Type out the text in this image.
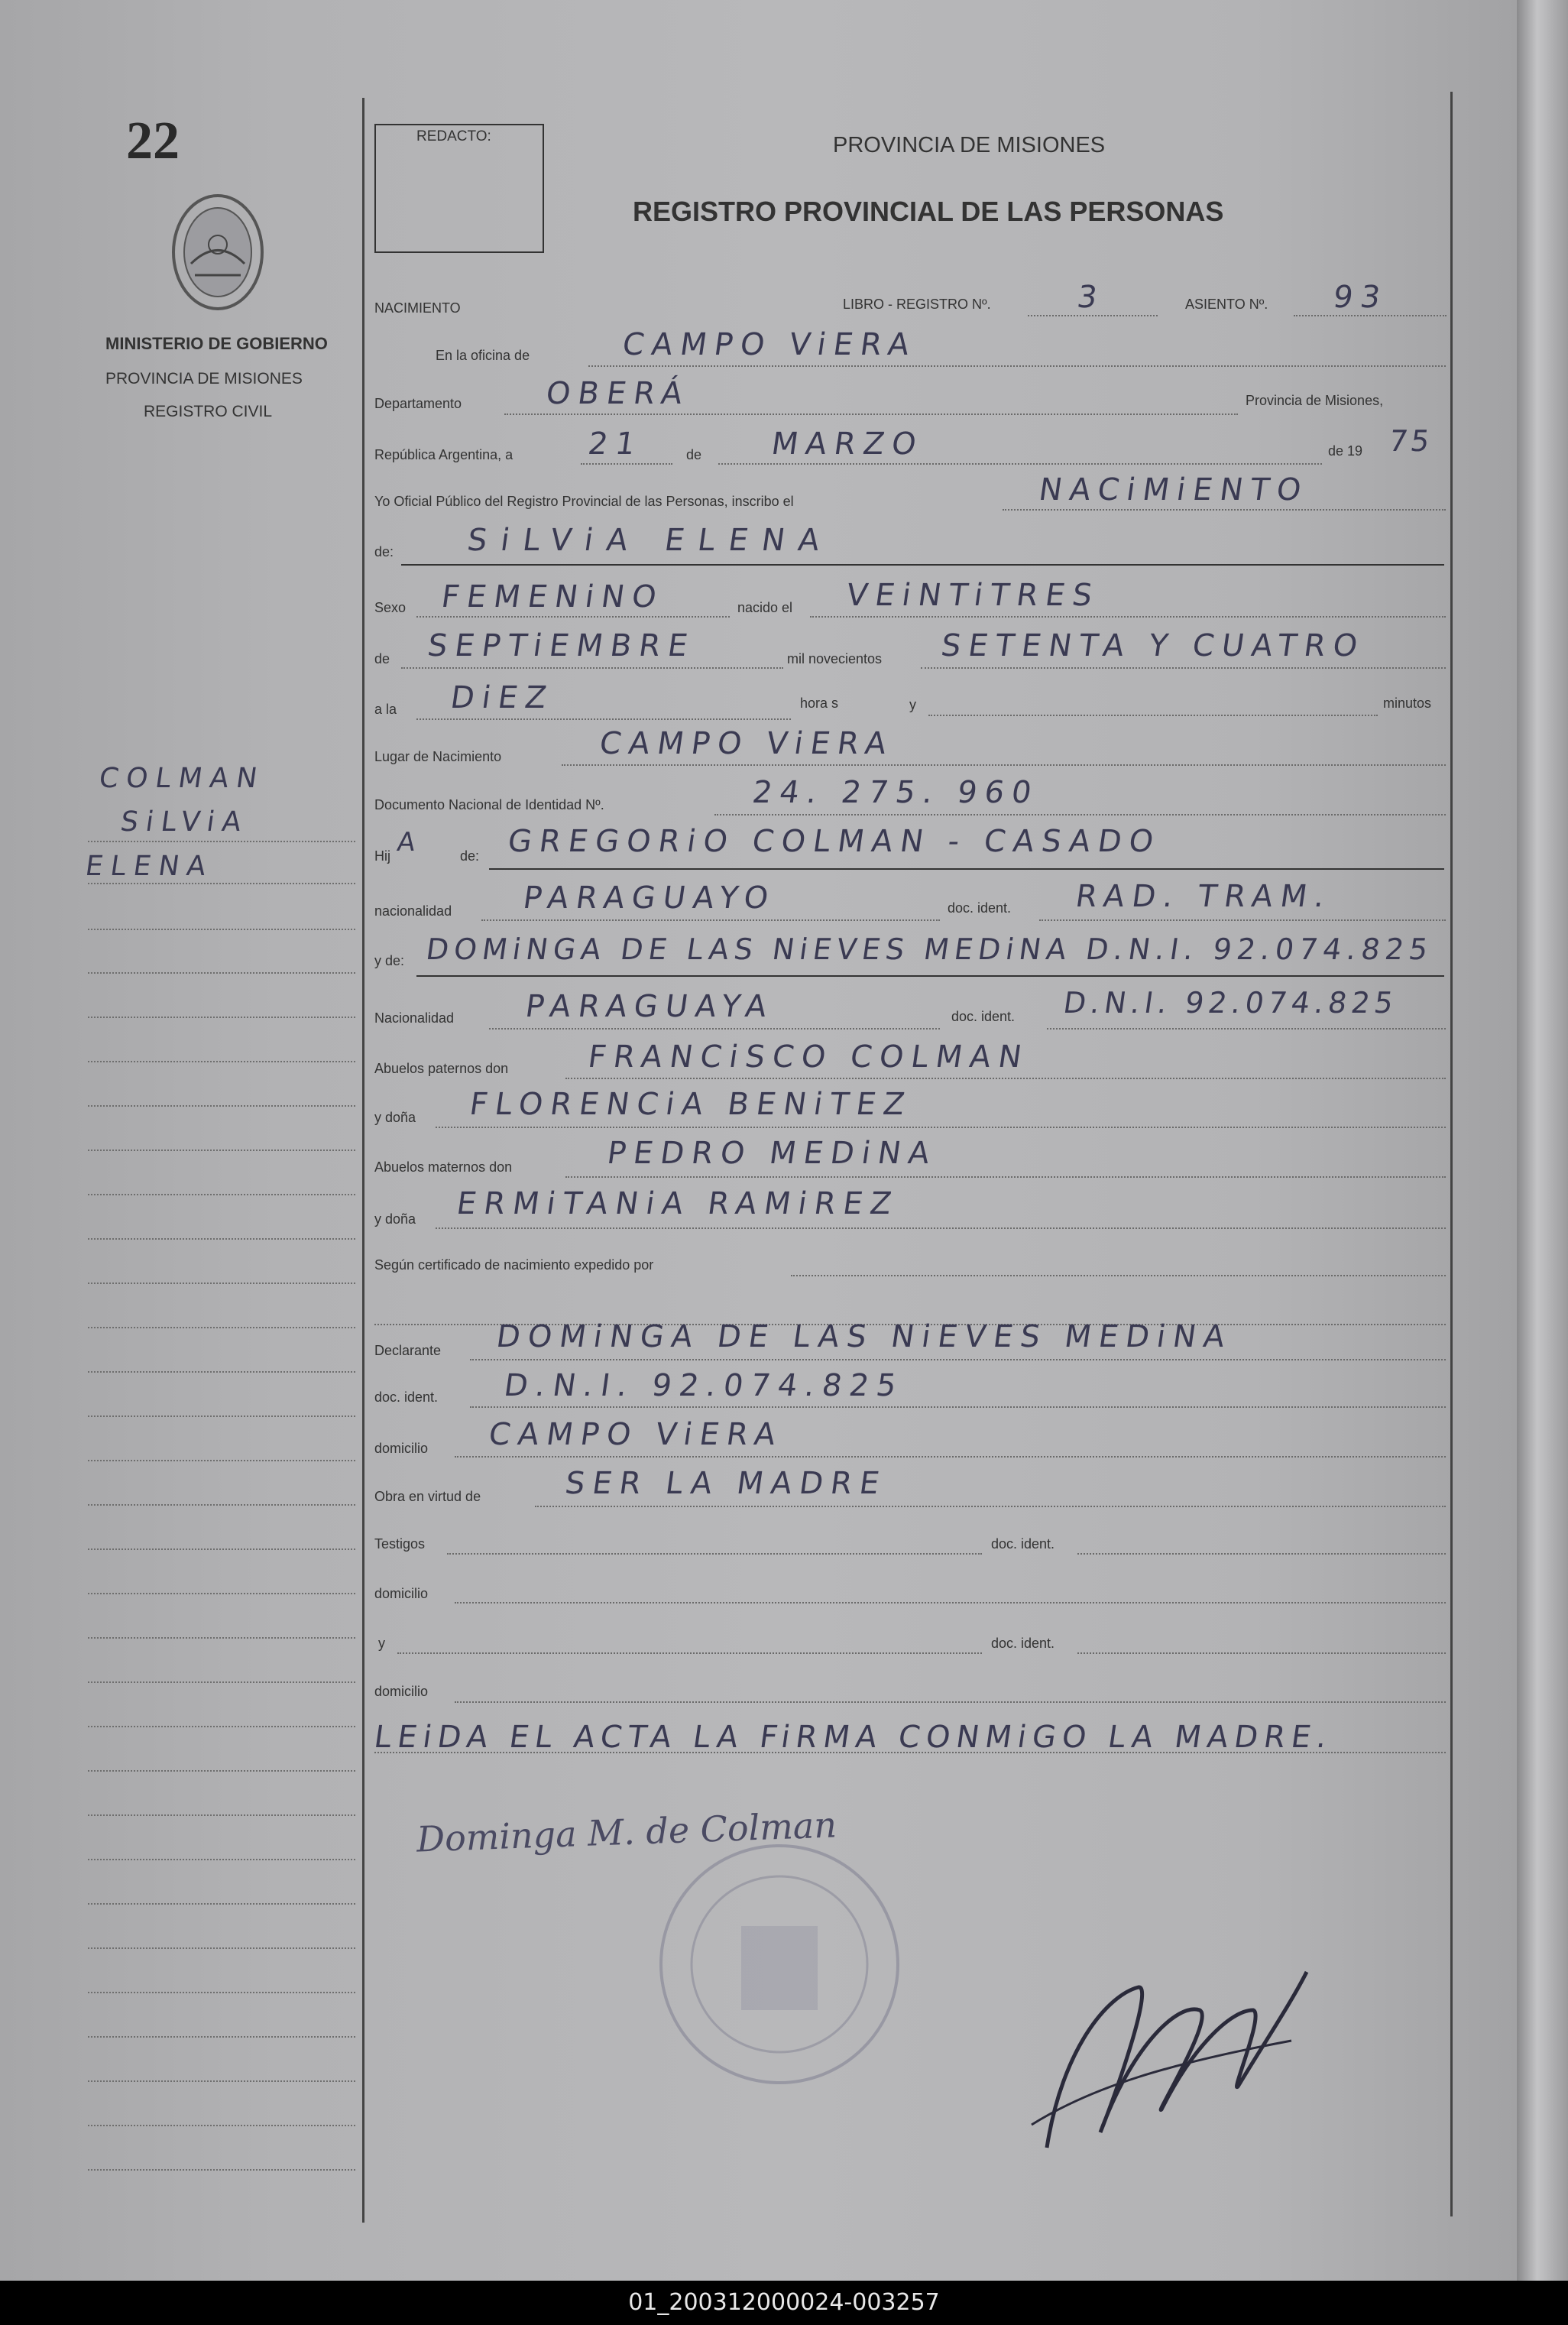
22
MINISTERIO DE GOBIERNO
PROVINCIA DE MISIONES
REGISTRO CIVIL
COLMAN
SiLViA
ELENA
REDACTO:	PROVINCIA DE MISIONES
REGISTRO PROVINCIAL DE LAS PERSONAS
NACIMIENTO	LIBRO - REGISTRO Nº.	3	ASIENTO Nº. 93
En la oficina de	CAMPO ViERA
Departamento	OBERÁ	Provincia de Misiones,
República Argentina, a 21	de MARZO	de 19 75
Yo Oficial Público del Registro Provincial de las Personas, inscribo el	NACiMiENTO
de: SiLViA ELENA
Sexo FEMENiNO	nacido el VEiNTiTRES
de SEPTiEMBRE	mil novecientos SETENTA Y CUATRO
a la DiEZ	hora s	y	minutos
Lugar de Nacimiento	CAMPO ViERA
Documento Nacional de Identidad Nº.	24. 275. 960
Hij A	de: GREGORiO COLMAN - CASADO
nacionalidad PARAGUAYO	doc. ident. RAD. TRAM.
y de: DOMiNGA DE LAS NiEVES MEDiNA D.N.I. 92.074.825
Nacionalidad PARAGUAYA	doc. ident. D.N.I. 92.074.825
Abuelos paternos don	FRANCiSCO COLMAN
y doña FLORENCiA BENiTEZ
Abuelos maternos don	PEDRO MEDiNA
y doña ERMiTANiA RAMiREZ
Según certificado de nacimiento expedido por
Declarante DOMiNGA DE LAS NiEVES MEDiNA
doc. ident. D.N.I. 92.074.825
domicilio CAMPO ViERA
Obra en virtud de	SER LA MADRE
Testigos	doc. ident.
domicilio
y	doc. ident.
domicilio
LEiDA EL ACTA LA FiRMA CONMiGO LA MADRE.
Dominga M. de Colman
01_200312000024-003257
